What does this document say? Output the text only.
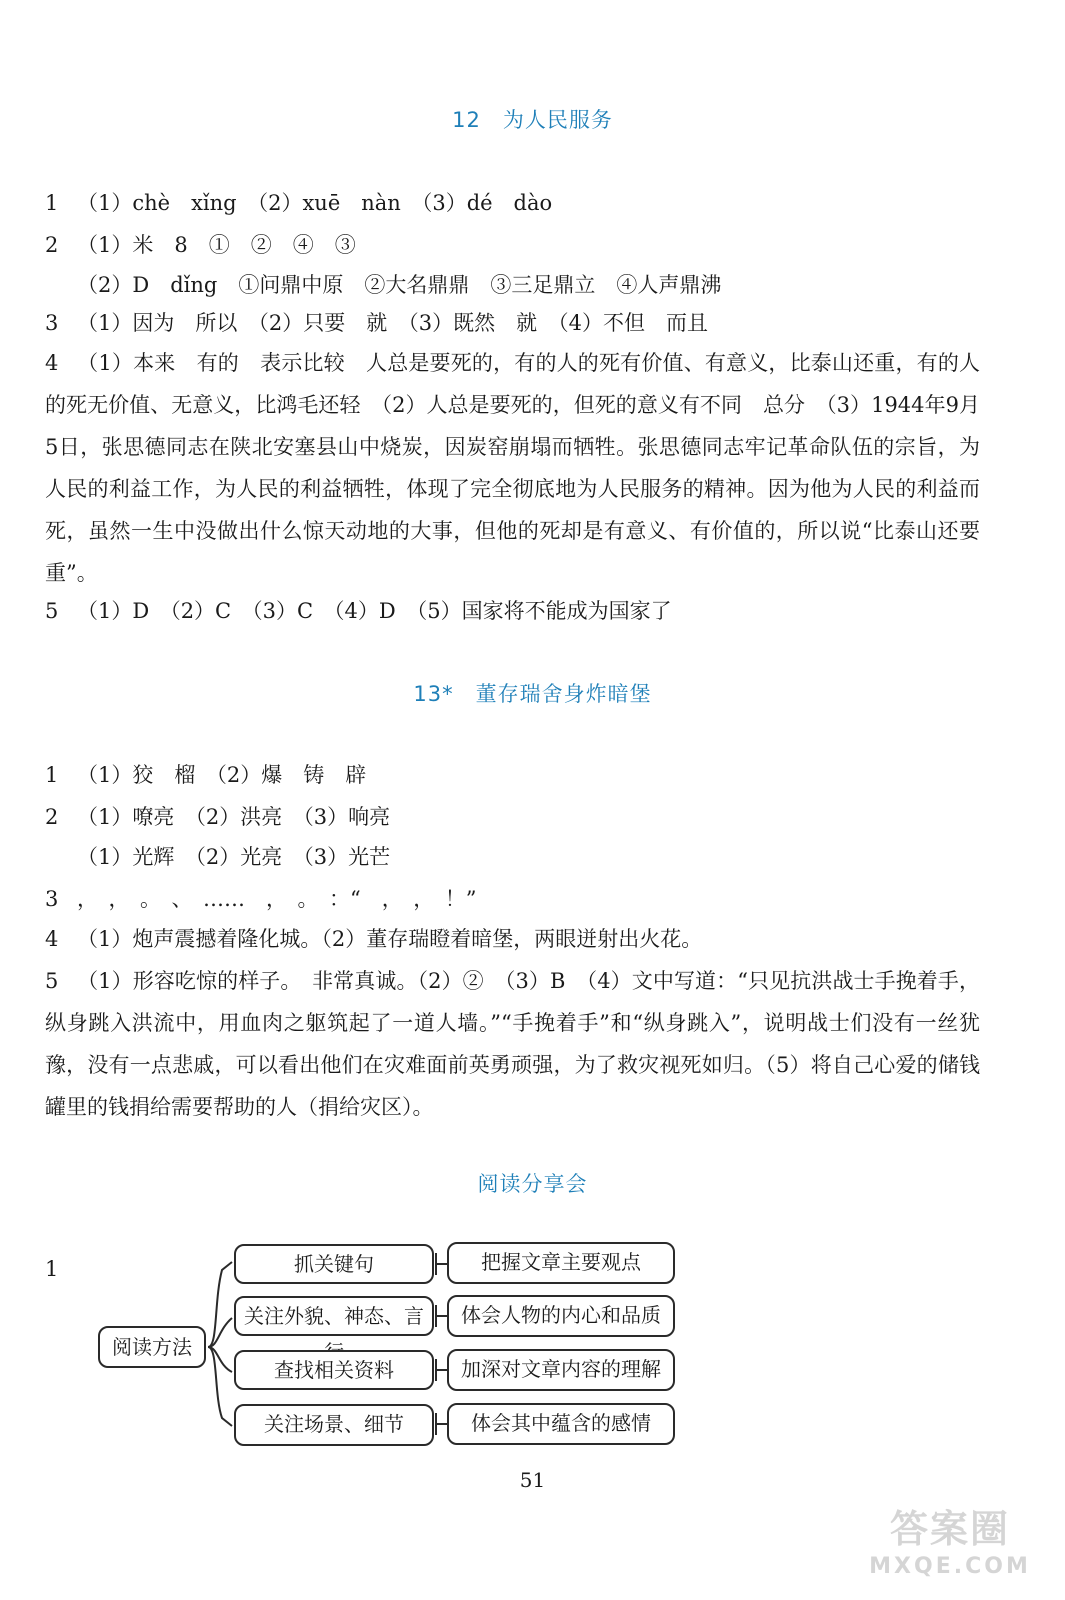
12　为人民服务
1 （1）chè　xǐng　（2）xuē　nàn　（3）dé　dào
2 （1）米　8　①　②　④　③
（2）D　dǐng　①问鼎中原　②大名鼎鼎　③三足鼎立　④人声鼎沸
3 （1）因为　所以　（2）只要　就　（3）既然　就　（4）不但　而且
4 （1）本来　有的　表示比较　人总是要死的，有的人的死有价值、有意义，比泰山还重，有的人的死无价值、无意义，比鸿毛还轻　（2）人总是要死的，但死的意义有不同　总分　（3）1944年9月5日，张思德同志在陕北安塞县山中烧炭，因炭窑崩塌而牺牲。张思德同志牢记革命队伍的宗旨，为人民的利益工作，为人民的利益牺牲，体现了完全彻底地为人民服务的精神。因为他为人民的利益而死，虽然一生中没做出什么惊天动地的大事，但他的死却是有意义、有价值的，所以说“比泰山还要重”。
5 （1）D　（2）C　（3）C　（4）D　（5）国家将不能成为国家了
13*　董存瑞舍身炸暗堡
1 （1）狡　榴　（2）爆　铸　辟
2 （1）嘹亮　（2）洪亮　（3）响亮
（1）光辉　（2）光亮　（3）光芒
3 ，　，　。　、　……　，　。　：“　，　，　！”
4 （1）炮声震撼着隆化城。（2）董存瑞瞪着暗堡，两眼迸射出火花。
5 （1）形容吃惊的样子。　非常真诚。（2）②　（3）B　（4）文中写道：“只见抗洪战士手挽着手，纵身跳入洪流中，用血肉之躯筑起了一道人墙。”“手挽着手”和“纵身跳入”，说明战士们没有一丝犹豫，没有一点悲戚，可以看出他们在灾难面前英勇顽强，为了救灾视死如归。（5）将自己心爱的储钱罐里的钱捐给需要帮助的人（捐给灾区）。
阅读分享会
1
阅读方法
抓关键句
关注外貌、神态、言
查找相关资料
关注场景、细节
把握文章主要观点
体会人物的内心和品质
加深对文章内容的理解
体会其中蕴含的感情
51
答案圈
MXQE.COM
